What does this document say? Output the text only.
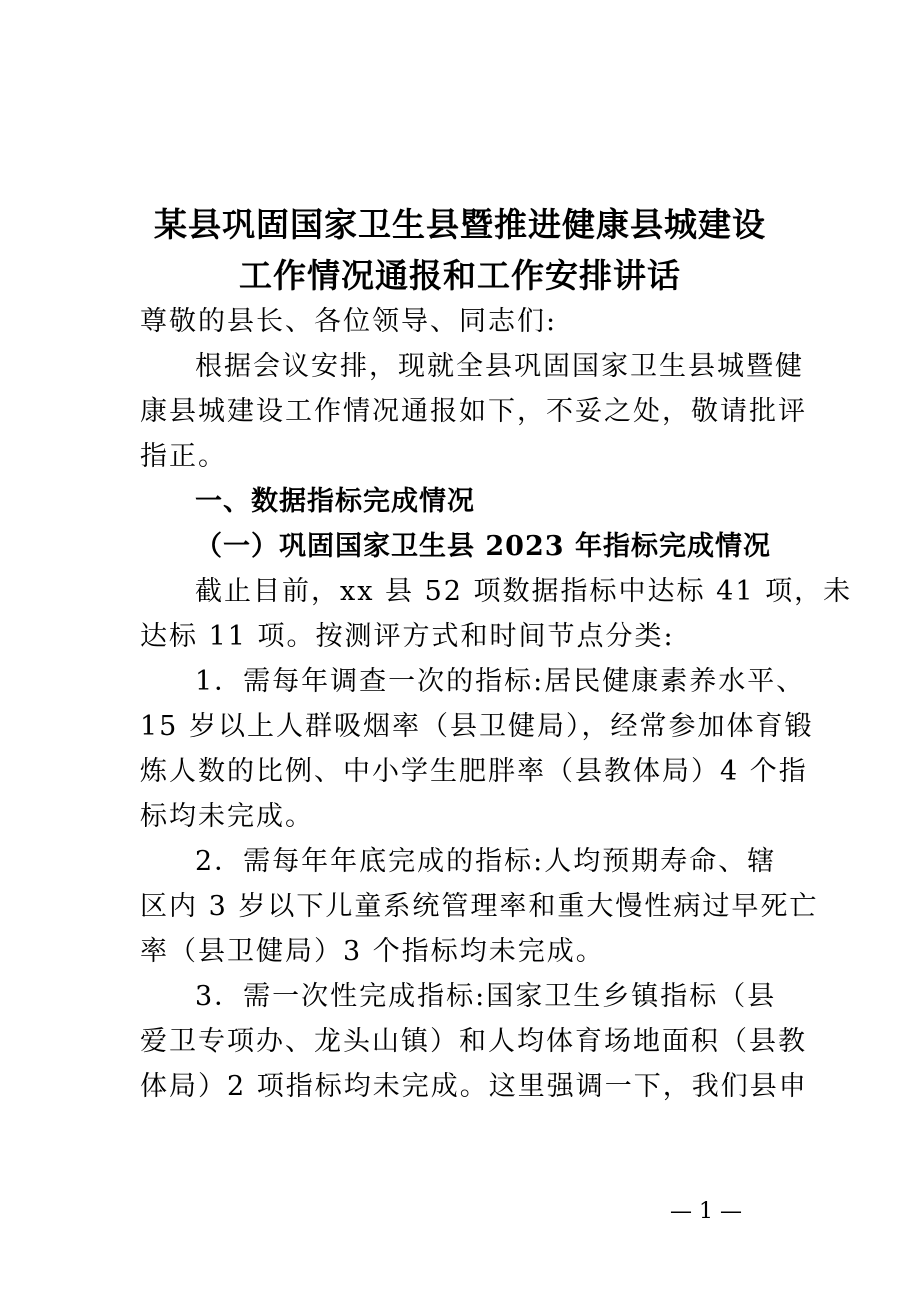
某县巩固国家卫生县暨推进健康县城建设
工作情况通报和工作安排讲话
尊敬的县长、各位领导、同志们:
根据会议安排，现就全县巩固国家卫生县城暨健
康县城建设工作情况通报如下，不妥之处，敬请批评
指正。
一、数据指标完成情况
（一）巩固国家卫生县 2023 年指标完成情况
截止目前，xx 县 52 项数据指标中达标 41 项，未
达标 11 项。按测评方式和时间节点分类:
1．需每年调查一次的指标:居民健康素养水平、
15 岁以上人群吸烟率（县卫健局），经常参加体育锻
炼人数的比例、中小学生肥胖率（县教体局）4 个指
标均未完成。
2．需每年年底完成的指标:人均预期寿命、辖
区内 3 岁以下儿童系统管理率和重大慢性病过早死亡
率（县卫健局）3 个指标均未完成。
3．需一次性完成指标:国家卫生乡镇指标（县
爱卫专项办、龙头山镇）和人均体育场地面积（县教
体局）2 项指标均未完成。这里强调一下，我们县申
— 1 —
